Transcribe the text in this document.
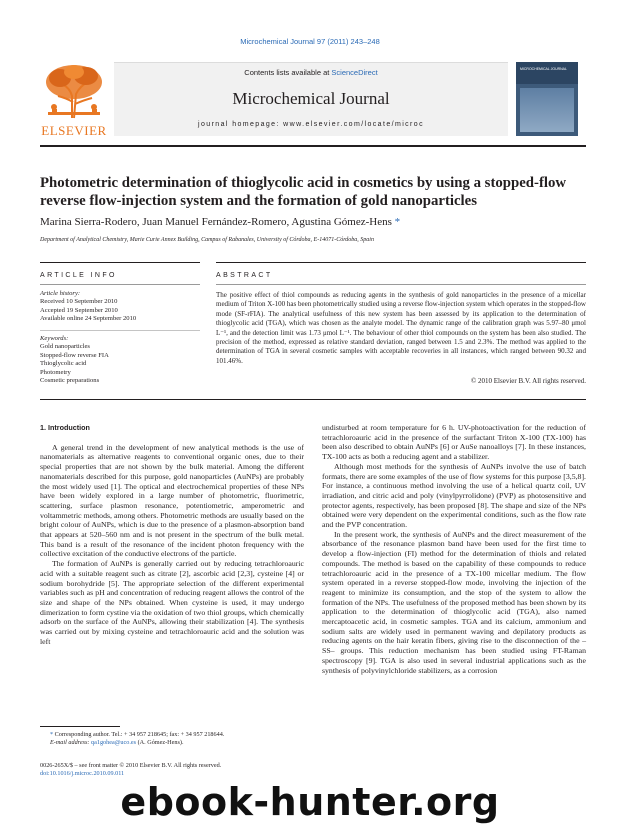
Microchemical Journal 97 (2011) 243–248
ELSEVIER
Contents lists available at ScienceDirect
Microchemical Journal
journal homepage: www.elsevier.com/locate/microc
MICROCHEMICAL JOURNAL
Photometric determination of thioglycolic acid in cosmetics by using a stopped-flow reverse flow-injection system and the formation of gold nanoparticles
Marina Sierra-Rodero, Juan Manuel Fernández-Romero, Agustina Gómez-Hens *
Department of Analytical Chemistry, Marie Curie Annex Building, Campus of Rabanales, University of Córdoba, E-14071-Córdoba, Spain
ARTICLE INFO	ABSTRACT
Article history:
Received 10 September 2010
Accepted 19 September 2010
Available online 24 September 2010
Keywords:
Gold nanoparticles
Stopped-flow reverse FIA
Thioglycolic acid
Photometry
Cosmetic preparations
The positive effect of thiol compounds as reducing agents in the synthesis of gold nanoparticles in the presence of a micellar medium of Triton X-100 has been photometrically studied using a reverse flow-injection system which operates in the stopped-flow mode (SF-rFIA). The analytical usefulness of this new system has been assessed by its application to the determination of thioglycolic acid (TGA), which was chosen as the analyte model. The dynamic range of the calibration graph was 5.97–80 μmol L⁻¹, and the detection limit was 1.73 μmol L⁻¹. The behaviour of other thiol compounds on the system has been also studied. The precision of the method, expressed as relative standard deviation, ranged between 1.5 and 2.3%. The method was applied to the determination of TGA in several cosmetic samples with acceptable recoveries in all instances, which ranged between 90.32 and 101.46%.
© 2010 Elsevier B.V. All rights reserved.
1. Introduction

A general trend in the development of new analytical methods is the use of nanomaterials as alternative reagents to conventional organic ones, due to their special properties that are not shown by the bulk material. Among the different nanomaterials described for this purpose, gold nanoparticles (AuNPs) are probably the most widely used [1]. The optical and electrochemical properties of these NPs have been widely explored in a large number of photometric, fluorimetric, scattering, surface plasmon resonance, potentiometric, amperometric and voltammetric methods, among others. Photometric methods are usually based on the bright colour of AuNPs, which is due to the presence of a plasmon-absorption band that appears at 520–560 nm and is not present in the spectrum of the bulk metal. This band is a result of the resonance of the incident photon frequency with the collective excitation of the conductive electrons of the particle.

The formation of AuNPs is generally carried out by reducing tetrachloroauric acid with a suitable reagent such as citrate [2], ascorbic acid [2,3], cysteine [4] or sodium borohydride [5]. The appropriate selection of the different experimental variables such as pH and concentration of reducing reagent allows the control of the size and shape of the NPs obtained. When cysteine is used, it may undergo dimerization to form cystine via the oxidation of two thiol groups, which chemically adsorb on the surface of the AuNPs, allowing their stabilization [4]. The synthesis was carried out by mixing cysteine and tetrachloroauric acid and the solution was left

undisturbed at room temperature for 6 h. UV-photoactivation for the reduction of tetrachloroauric acid in the presence of the surfactant Triton X-100 (TX-100) has been also described to obtain AuNPs [6] or AuSe nanoalloys [7]. In these instances, TX-100 acts as both a reducing agent and a stabilizer.

Although most methods for the synthesis of AuNPs involve the use of batch formats, there are some examples of the use of flow systems for this purpose [3,5,8]. For instance, a continuous method involving the use of a helical quartz coil, UV irradiation, and citric acid and poly (vinylpyrrolidone) (PVP) as photosensitive and protector agents, respectively, has been proposed [8]. The shape and size of the NPs obtained were very dependent on the experimental conditions, such as the flow rate and the PVP concentration.

In the present work, the synthesis of AuNPs and the direct measurement of the absorbance of the resonance plasmon band have been used for the first time to develop a flow-injection (FI) method for the determination of thiols and related compounds. The method is based on the capability of these compounds to reduce tetrachloroauric acid in the presence of a TX-100 micellar medium. The flow system operated in a reverse stopped-flow mode, involving the injection of the reagent to minimize its consumption, and the stop of the system to allow the formation of the NPs. The usefulness of the proposed method has been shown by its application to the determination of thioglycolic acid (TGA), also named mercaptoacetic acid, in cosmetic samples. TGA and its calcium, ammonium and sodium salts are widely used in permanent waving and depilatory products as reducing agents on the hair keratin fibers, giving rise to the disconnection of the –SS– groups. This reduction mechanism has been studied using FT-Raman spectroscopy [9]. TGA is also used in several industrial applications such as the synthesis of polyvinylchloride stabilizers, as a corrosion

* Corresponding author. Tel.: + 34 957 218645; fax: + 34 957 218644.
E-mail address: qa1gohea@uco.es (A. Gómez-Hens).
0026-265X/$ – see front matter © 2010 Elsevier B.V. All rights reserved.
doi:10.1016/j.microc.2010.09.011
ebook-hunter.org
